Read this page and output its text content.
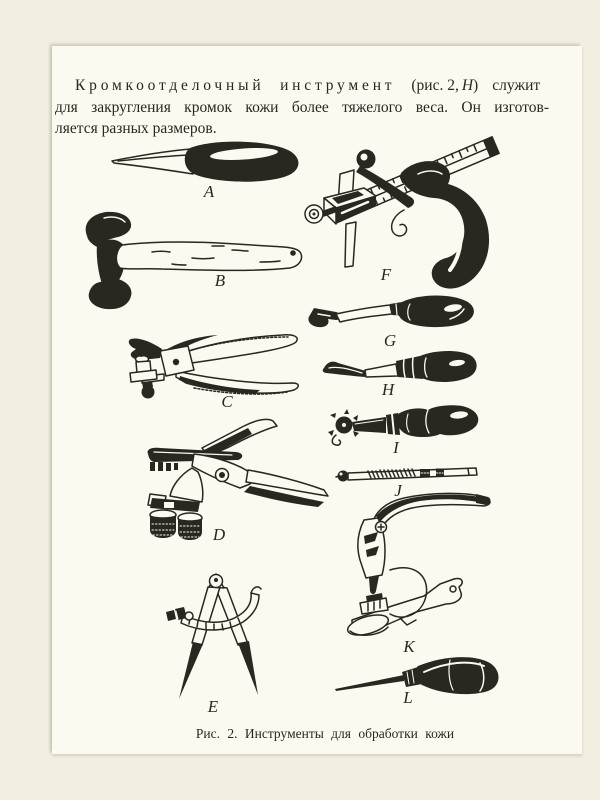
Кромкоотделочный инструмент (рис. 2, H) служит
для закругления кромок кожи более тяжелого веса. Он изготов-
ляется разных размеров.
A
B
C
D
E
F
G
H
I
J
K
L
Рис. 2. Инструменты для обработки кожи
